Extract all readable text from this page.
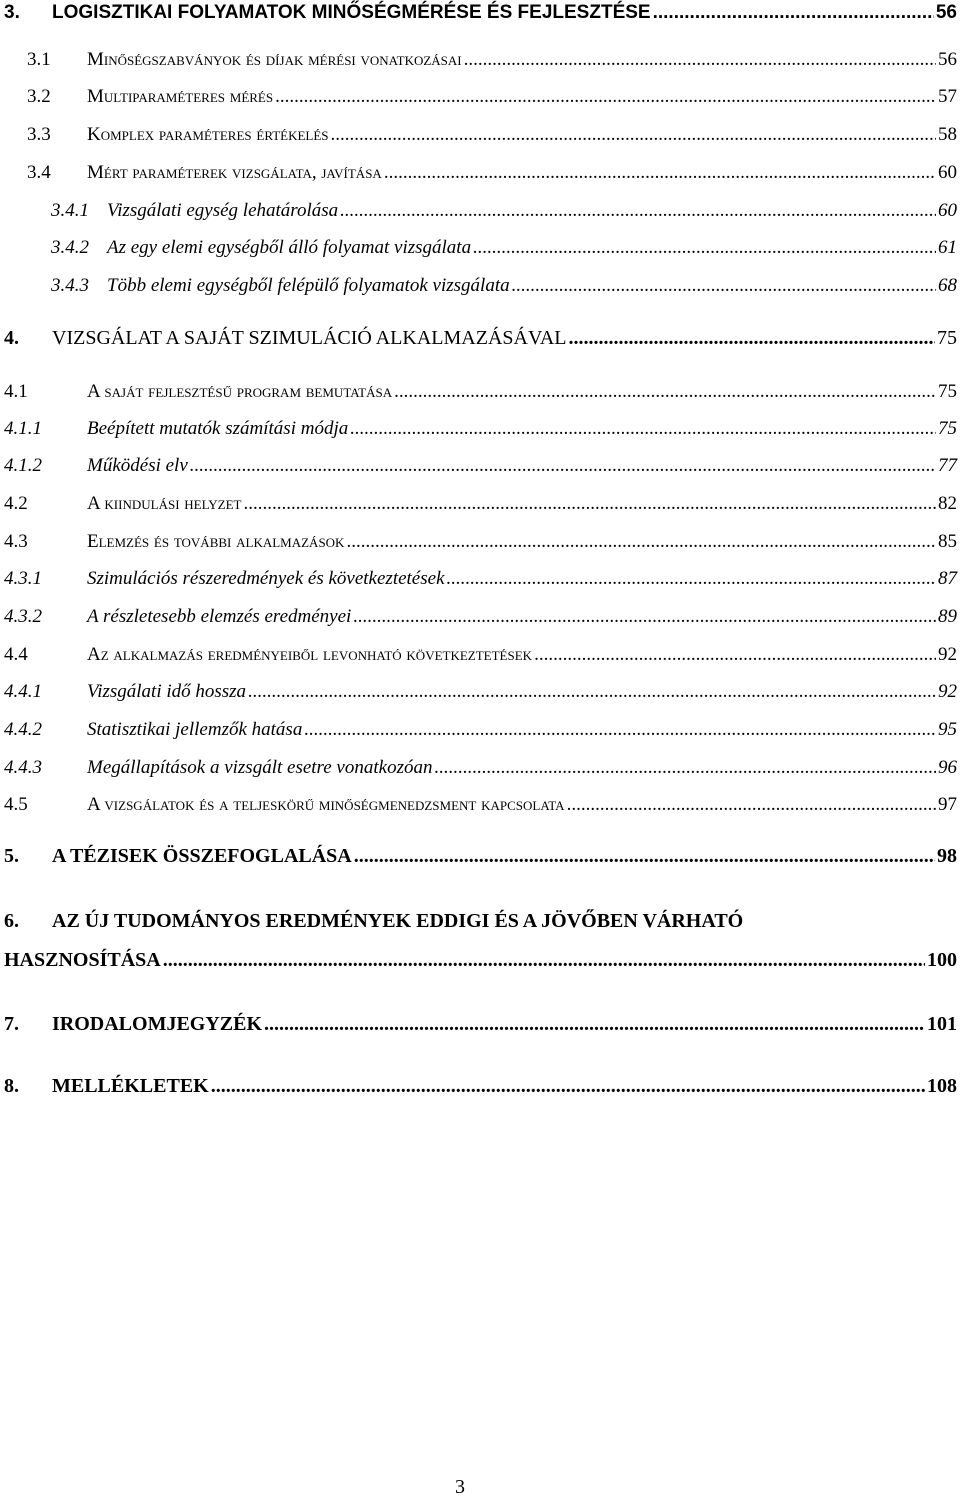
3. LOGISZTIKAI FOLYAMATOK MINŐSÉGMÉRÉSE ÉS FEJLESZTÉSE .....	56
3.1 Minőségszabványok és díjak mérési vonatkozásai .....	56
3.2 Multiparaméteres mérés .....	57
3.3 Komplex paraméteres értékelés .....	58
3.4 Mért paraméterek vizsgálata, javítása .....	60
3.4.1 Vizsgálati egység lehatárolása .....	60
3.4.2 Az egy elemi egységből álló folyamat vizsgálata .....	61
3.4.3 Több elemi egységből felépülő folyamatok vizsgálata .....	68
4. VIZSGÁLAT A SAJÁT SZIMULÁCIÓ ALKALMAZÁSÁVAL .....	75
4.1	A saját fejlesztésű program bemutatása .....	75
4.1.1 Beépített mutatók számítási módja .....	75
4.1.2 Működési elv .....	77
4.2	A kiindulási helyzet .....	82
4.3	Elemzés és további alkalmazások .....	85
4.3.1 Szimulációs részeredmények és következtetések .....	87
4.3.2 A részletesebb elemzés eredményei .....	89
4.4	Az alkalmazás eredményeiből levonható következtetések .....	92
4.4.1 Vizsgálati idő hossza .....	92
4.4.2 Statisztikai jellemzők hatása .....	95
4.4.3 Megállapítások a vizsgált esetre vonatkozóan .....	96
4.5	A vizsgálatok és a teljeskörű minőségmenedzsment kapcsolata .....	97
5. A TÉZISEK ÖSSZEFOGLALÁSA .....	98
6. AZ ÚJ TUDOMÁNYOS EREDMÉNYEK EDDIGI ÉS A JÖVŐBEN VÁRHATÓ
HASZNOSÍTÁSA .....	100
7. IRODALOMJEGYZÉK .....	101
8. MELLÉKLETEK .....	108
3
